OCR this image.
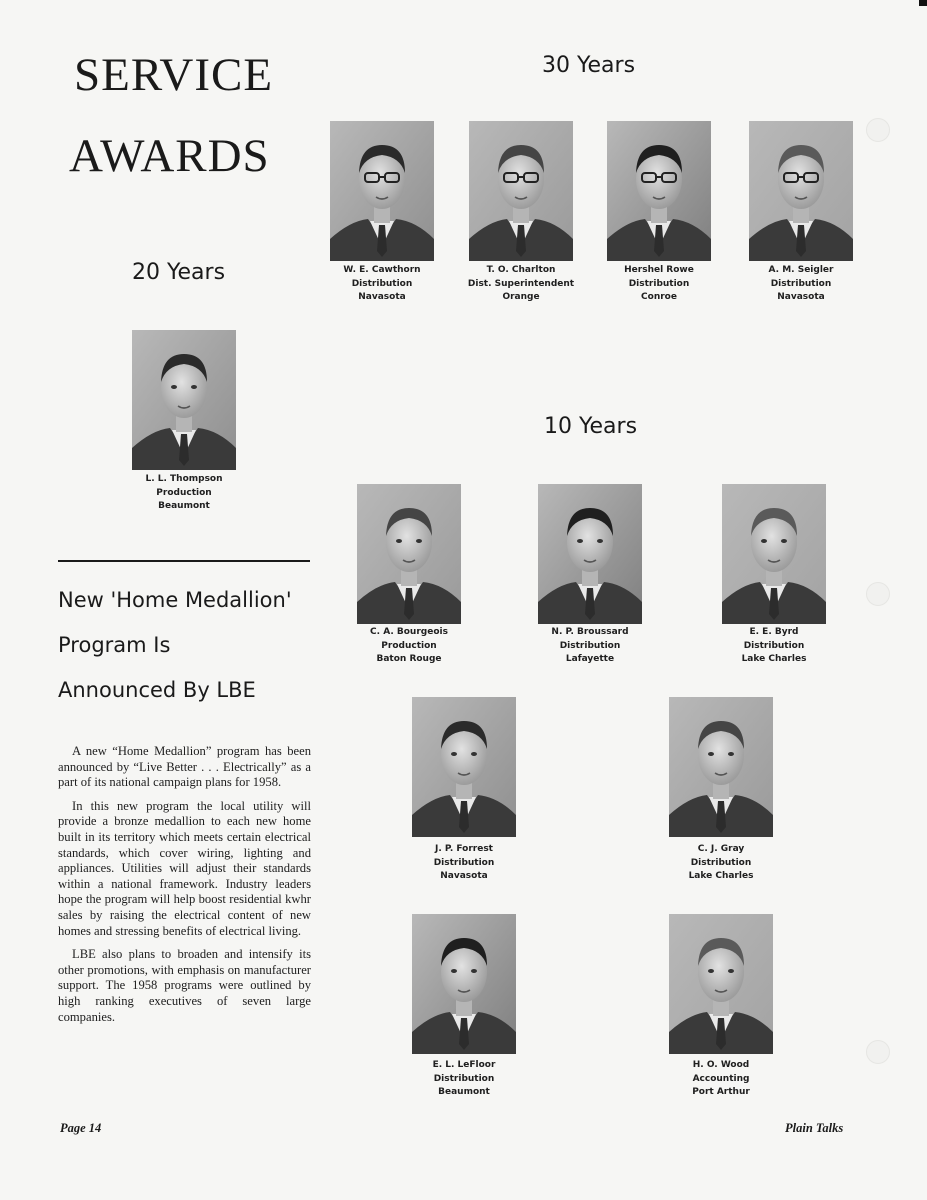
SERVICE
AWARDS
30 Years
20 Years
10 Years
W. E. Cawthorn
Distribution
Navasota
T. O. Charlton
Dist. Superintendent
Orange
Hershel Rowe
Distribution
Conroe
A. M. Seigler
Distribution
Navasota
L. L. Thompson
Production
Beaumont
C. A. Bourgeois
Production
Baton Rouge
N. P. Broussard
Distribution
Lafayette
E. E. Byrd
Distribution
Lake Charles
J. P. Forrest
Distribution
Navasota
C. J. Gray
Distribution
Lake Charles
E. L. LeFloor
Distribution
Beaumont
H. O. Wood
Accounting
Port Arthur
New 'Home Medallion'
Program Is
Announced By LBE

A new “Home Medallion” program has been announced by “Live Better . . . Electrically” as a part of its national campaign plans for 1958.

In this new program the local utility will provide a bronze medallion to each new home built in its territory which meets certain electrical standards, which cover wiring, lighting and appliances. Utilities will adjust their standards within a national framework. Industry leaders hope the program will help boost residential kwhr sales by raising the electrical content of new homes and stressing benefits of electrical living.

LBE also plans to broaden and intensify its other promotions, with emphasis on manufacturer support. The 1958 programs were outlined by high ranking executives of seven large companies.

Page 14	Plain Talks
